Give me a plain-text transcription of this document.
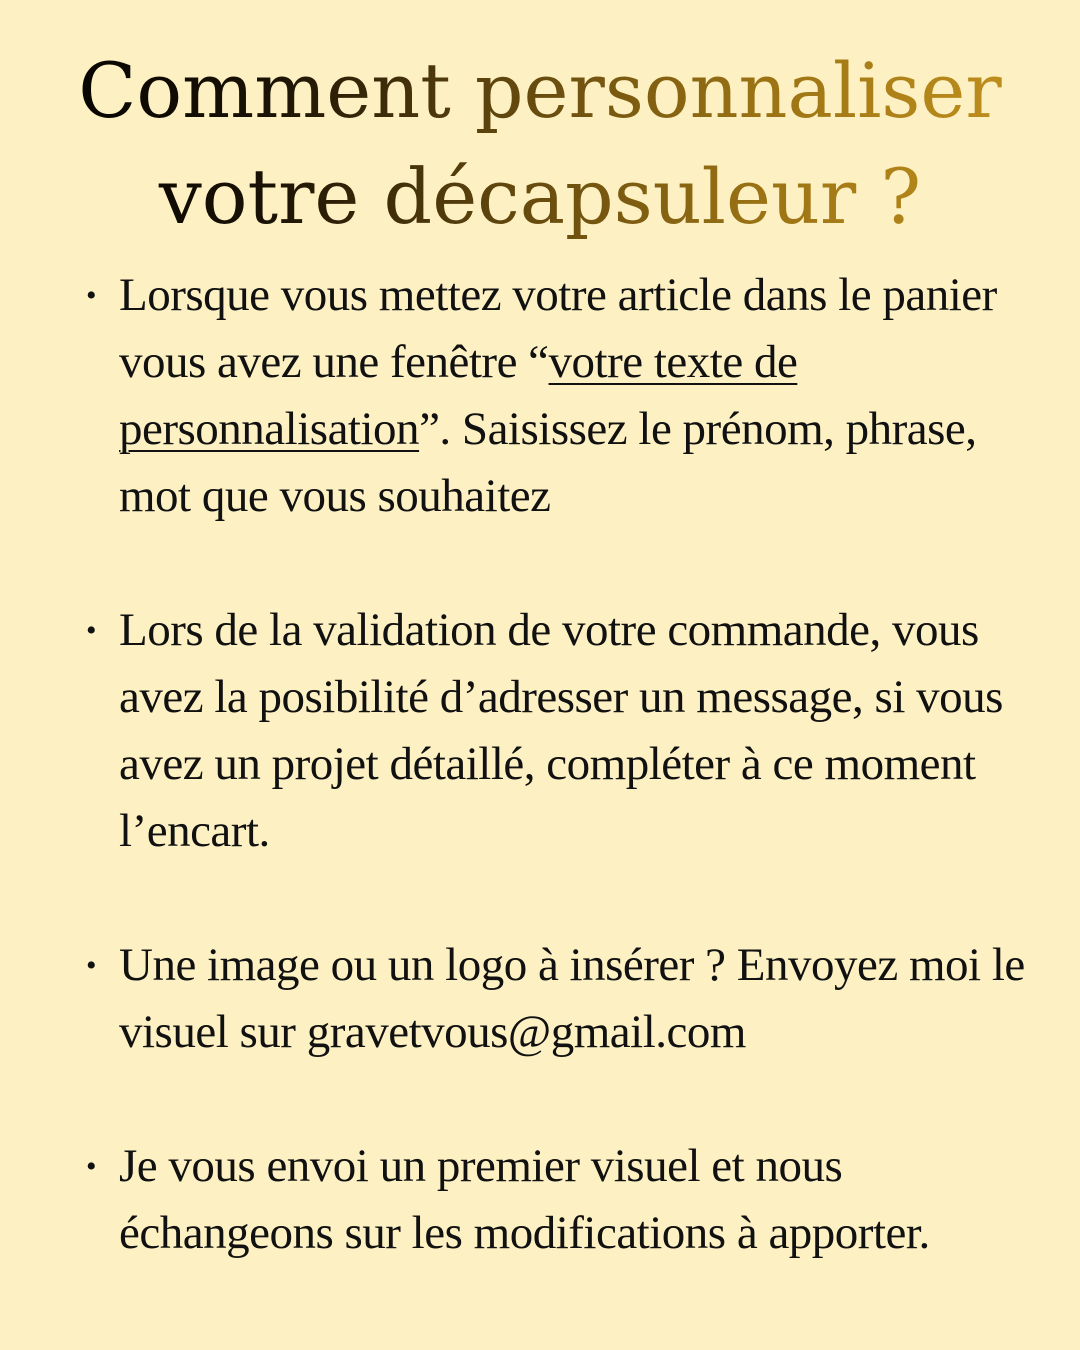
Comment personnaliser
votre décapsuleur ?
• Lorsque vous mettez votre article dans le panier vous avez une fenêtre “votre texte de personnalisation”. Saisissez le prénom, phrase, mot que vous souhaitez
• Lors de la validation de votre commande, vous avez la posibilité d’adresser un message, si vous avez un projet détaillé, compléter à ce moment l’encart.
• Une image ou un logo à insérer ? Envoyez moi le visuel sur gravetvous@gmail.com
• Je vous envoi un premier visuel et nous échangeons sur les modifications à apporter.
